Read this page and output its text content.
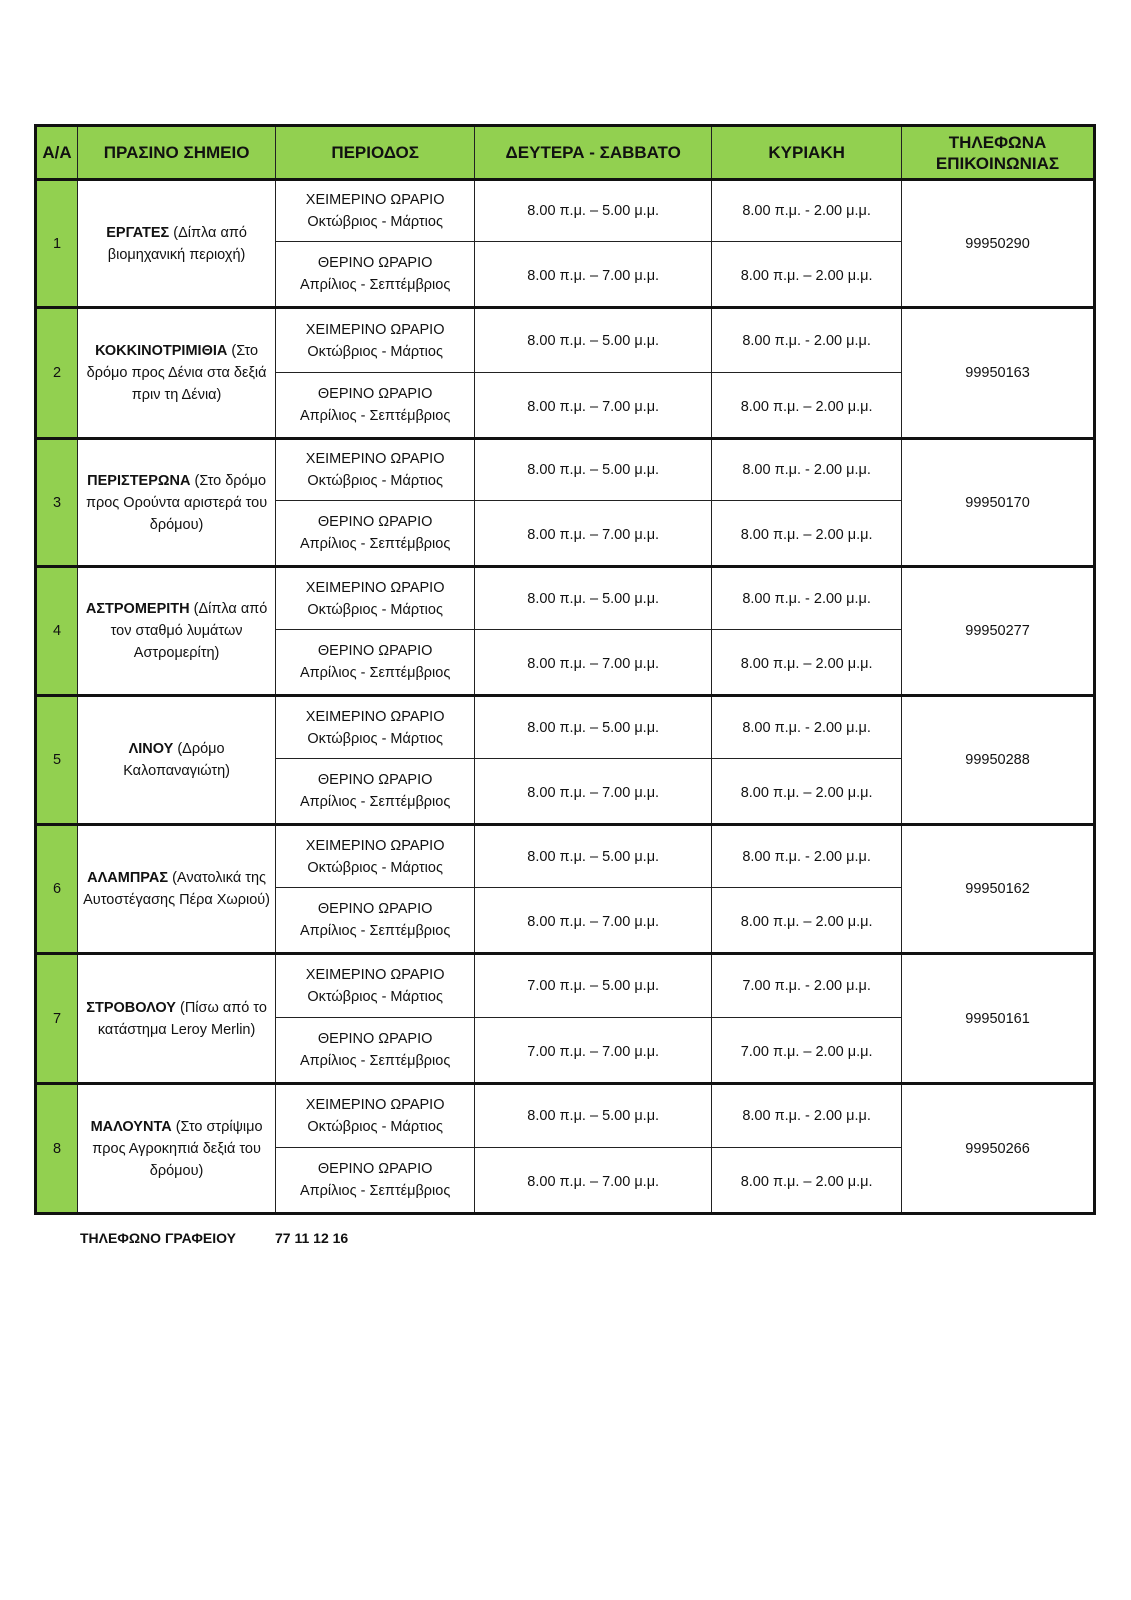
Α/Α	ΠΡΑΣΙΝΟ ΣΗΜΕΙΟ	ΠΕΡΙΟΔΟΣ	ΔΕΥΤΕΡΑ - ΣΑΒΒΑΤΟ	ΚΥΡΙΑΚΗ	ΤΗΛΕΦΩΝΑ
ΕΠΙΚΟΙΝΩΝΙΑΣ

1	ΕΡΓΑΤΕΣ (Δίπλα από βιομηχανική περιοχή)	ΧΕΙΜΕΡΙΝΟ ΩΡΑΡΙΟ
Οκτώβριος - Μάρτιος	8.00 π.μ. – 5.00 μ.μ.	8.00 π.μ. - 2.00 μ.μ.	99950290

		ΘΕΡΙΝΟ ΩΡΑΡΙΟ
Απρίλιος - Σεπτέμβριος	8.00 π.μ. – 7.00 μ.μ.	8.00 π.μ. – 2.00 μ.μ.	
2	ΚΟΚΚΙΝΟΤΡΙΜΙΘΙΑ (Στο δρόμο προς Δένια στα δεξιά πριν τη Δένια)	ΧΕΙΜΕΡΙΝΟ ΩΡΑΡΙΟ
Οκτώβριος - Μάρτιος	8.00 π.μ. – 5.00 μ.μ.	8.00 π.μ. - 2.00 μ.μ.	99950163

		ΘΕΡΙΝΟ ΩΡΑΡΙΟ
Απρίλιος - Σεπτέμβριος	8.00 π.μ. – 7.00 μ.μ.	8.00 π.μ. – 2.00 μ.μ.	
3	ΠΕΡΙΣΤΕΡΩΝΑ (Στο δρόμο προς Ορούντα αριστερά του δρόμου)	ΧΕΙΜΕΡΙΝΟ ΩΡΑΡΙΟ
Οκτώβριος - Μάρτιος	8.00 π.μ. – 5.00 μ.μ.	8.00 π.μ. - 2.00 μ.μ.	99950170

		ΘΕΡΙΝΟ ΩΡΑΡΙΟ
Απρίλιος - Σεπτέμβριος	8.00 π.μ. – 7.00 μ.μ.	8.00 π.μ. – 2.00 μ.μ.	
4	ΑΣΤΡΟΜΕΡΙΤΗ (Δίπλα από τον σταθμό λυμάτων Αστρομερίτη)	ΧΕΙΜΕΡΙΝΟ ΩΡΑΡΙΟ
Οκτώβριος - Μάρτιος	8.00 π.μ. – 5.00 μ.μ.	8.00 π.μ. - 2.00 μ.μ.	99950277

		ΘΕΡΙΝΟ ΩΡΑΡΙΟ
Απρίλιος - Σεπτέμβριος	8.00 π.μ. – 7.00 μ.μ.	8.00 π.μ. – 2.00 μ.μ.	
5	ΛΙΝΟΥ (Δρόμο Καλοπαναγιώτη)	ΧΕΙΜΕΡΙΝΟ ΩΡΑΡΙΟ
Οκτώβριος - Μάρτιος	8.00 π.μ. – 5.00 μ.μ.	8.00 π.μ. - 2.00 μ.μ.	99950288

		ΘΕΡΙΝΟ ΩΡΑΡΙΟ
Απρίλιος - Σεπτέμβριος	8.00 π.μ. – 7.00 μ.μ.	8.00 π.μ. – 2.00 μ.μ.	
6	ΑΛΑΜΠΡΑΣ (Ανατολικά της Αυτοστέγασης Πέρα Χωριού)	ΧΕΙΜΕΡΙΝΟ ΩΡΑΡΙΟ
Οκτώβριος - Μάρτιος	8.00 π.μ. – 5.00 μ.μ.	8.00 π.μ. - 2.00 μ.μ.	99950162

		ΘΕΡΙΝΟ ΩΡΑΡΙΟ
Απρίλιος - Σεπτέμβριος	8.00 π.μ. – 7.00 μ.μ.	8.00 π.μ. – 2.00 μ.μ.	
7	ΣΤΡΟΒΟΛΟΥ (Πίσω από το κατάστημα Leroy Merlin)	ΧΕΙΜΕΡΙΝΟ ΩΡΑΡΙΟ
Οκτώβριος - Μάρτιος	7.00 π.μ. – 5.00 μ.μ.	7.00 π.μ. - 2.00 μ.μ.	99950161

		ΘΕΡΙΝΟ ΩΡΑΡΙΟ
Απρίλιος - Σεπτέμβριος	7.00 π.μ. – 7.00 μ.μ.	7.00 π.μ. – 2.00 μ.μ.	
8	ΜΑΛΟΥΝΤΑ (Στο στρίψιμο προς Αγροκηπιά δεξιά του δρόμου)	ΧΕΙΜΕΡΙΝΟ ΩΡΑΡΙΟ
Οκτώβριος - Μάρτιος	8.00 π.μ. – 5.00 μ.μ.	8.00 π.μ. - 2.00 μ.μ.	99950266

		ΘΕΡΙΝΟ ΩΡΑΡΙΟ
Απρίλιος - Σεπτέμβριος	8.00 π.μ. – 7.00 μ.μ.	8.00 π.μ. – 2.00 μ.μ.	
ΤΗΛΕΦΩΝΟ ΓΡΑΦΕΙΟΥ	77 11 12 16
